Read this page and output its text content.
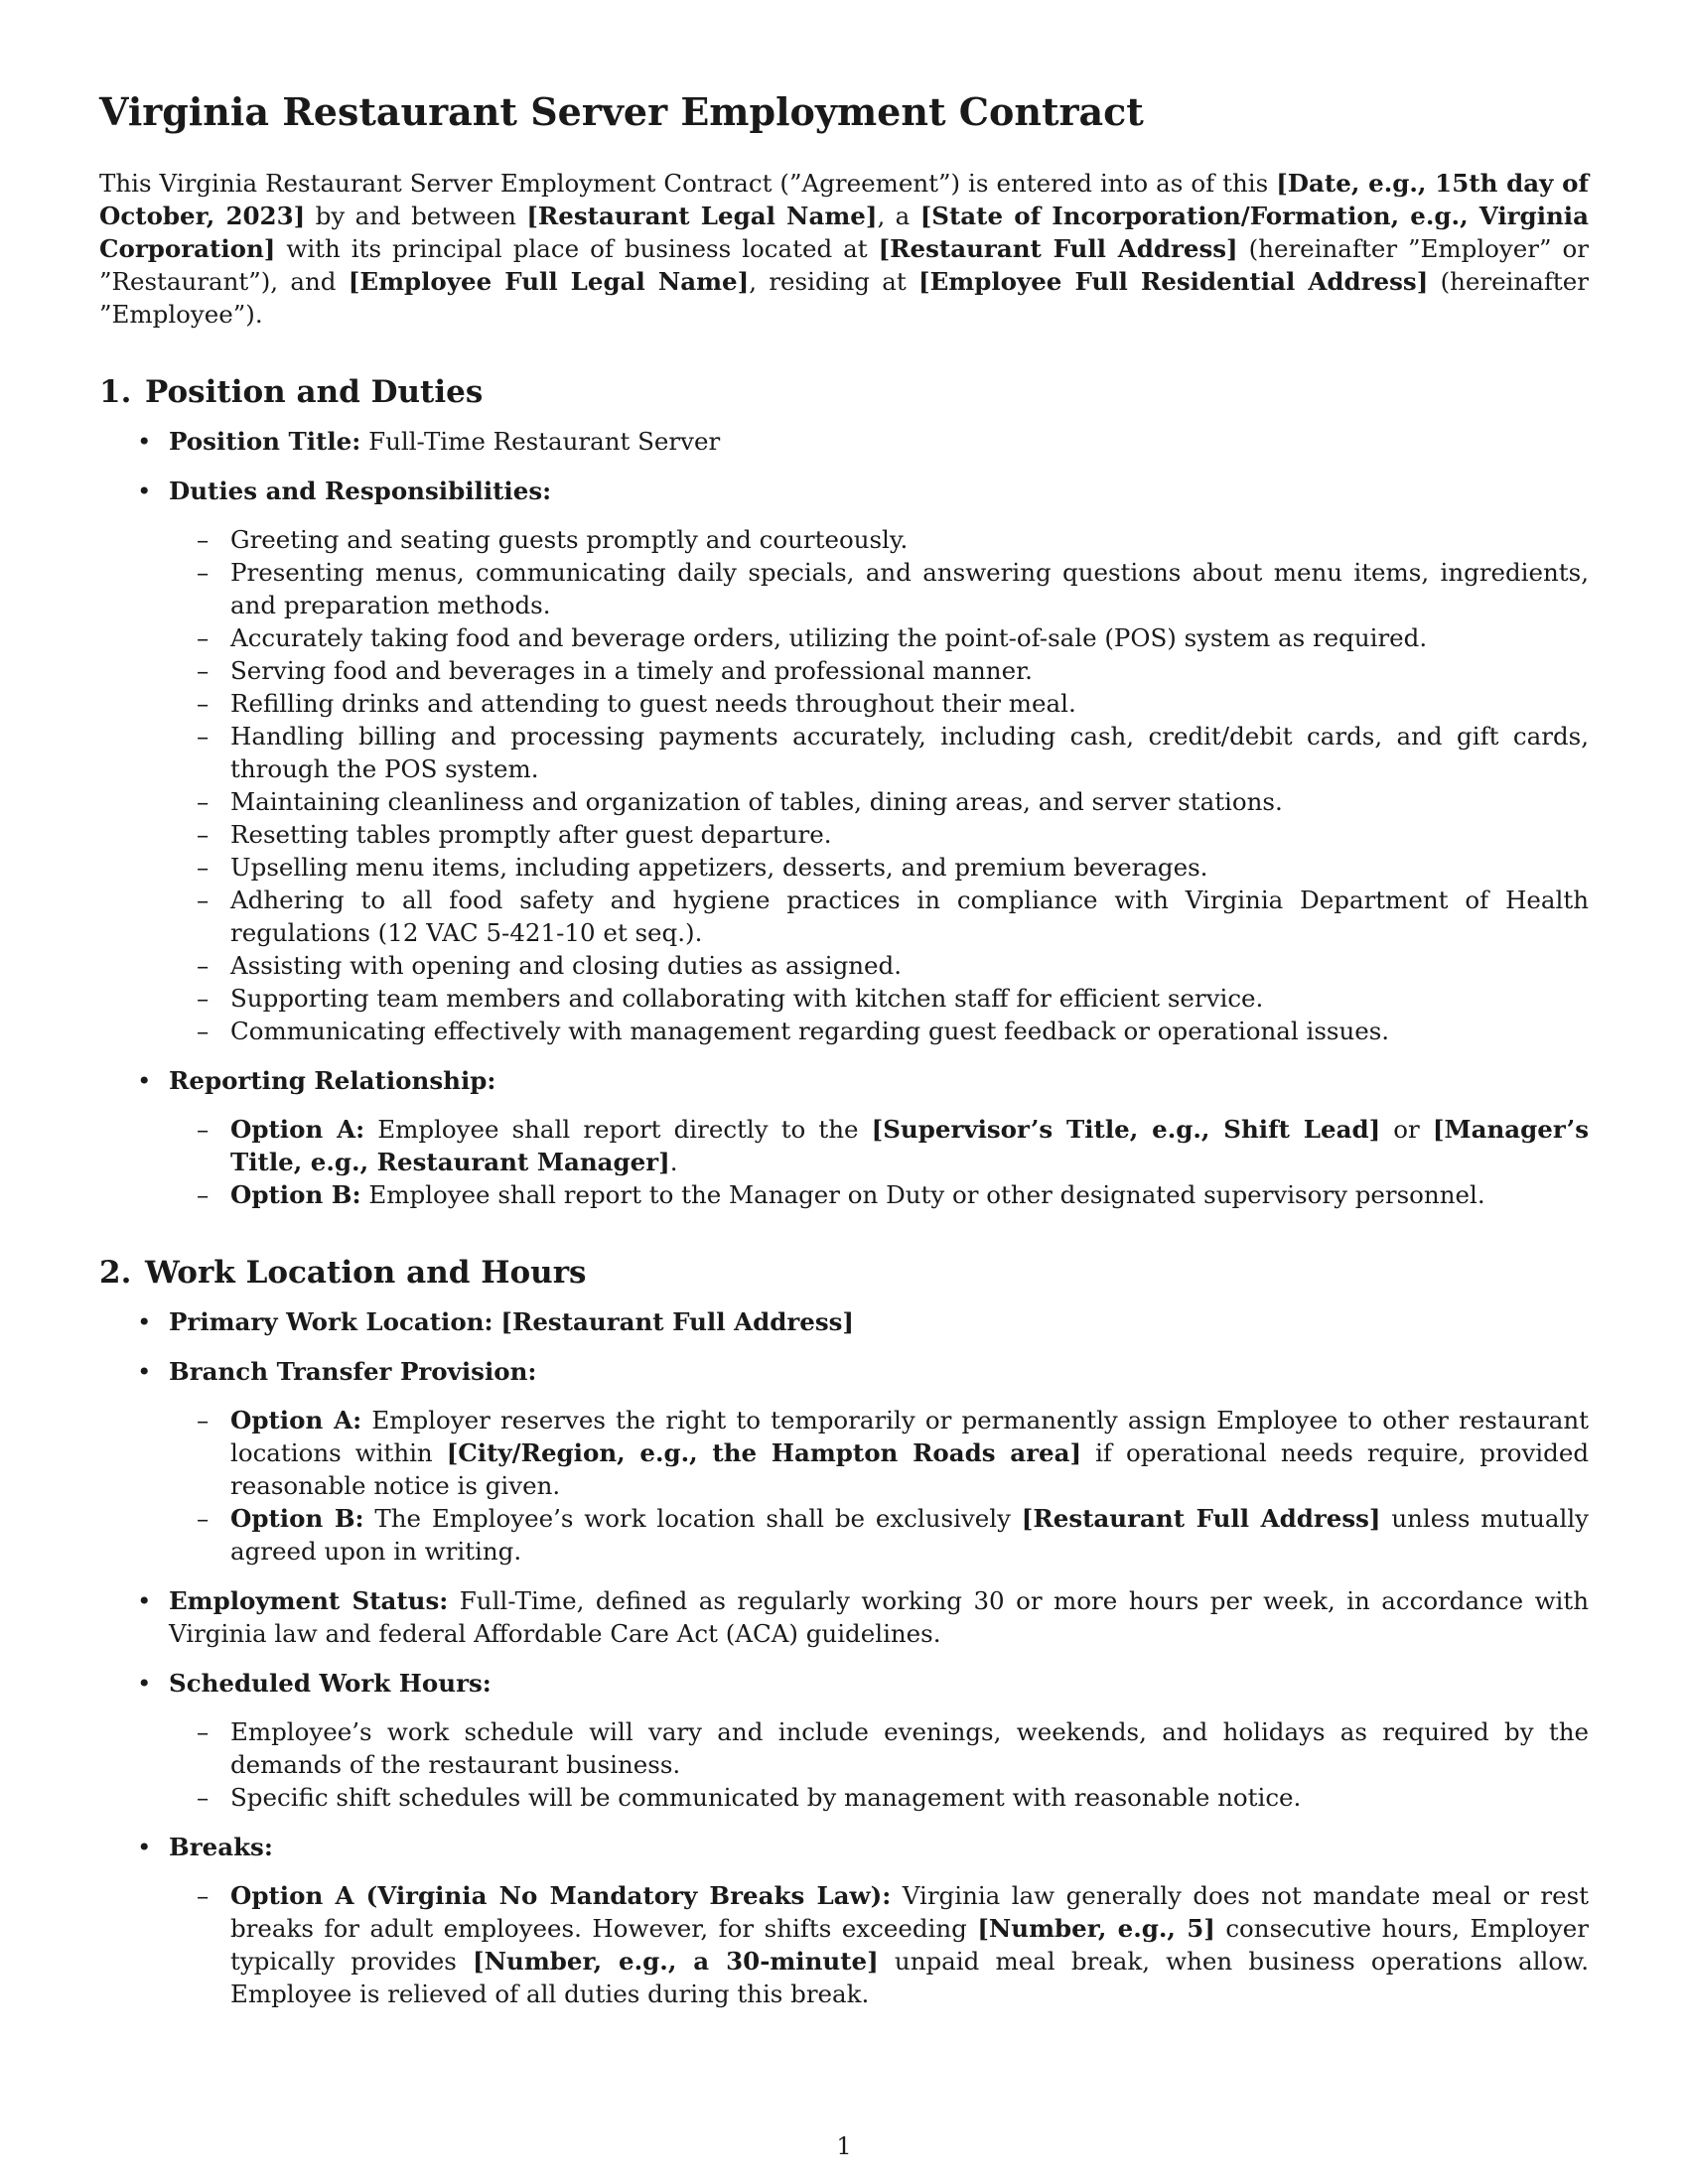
Virginia Restaurant Server Employment Contract

This Virginia Restaurant Server Employment Contract (”Agreement”) is entered into as of this [Date, e.g., 15th day of October, 2023] by and between [Restaurant Legal Name], a [State of Incorporation/Formation, e.g., Virginia Corporation] with its principal place of business located at [Restaurant Full Address] (hereinafter ”Employer” or ”Restaurant”), and [Employee Full Legal Name], residing at [Employee Full Residential Address] (hereinafter ”Employee”).

1. Position and Duties
• Position Title: Full-Time Restaurant Server
• Duties and Responsibilities:
– Greeting and seating guests promptly and courteously.
– Presenting menus, communicating daily specials, and answering questions about menu items, ingredients, and preparation methods.
– Accurately taking food and beverage orders, utilizing the point-of-sale (POS) system as required.
– Serving food and beverages in a timely and professional manner.
– Refilling drinks and attending to guest needs throughout their meal.
– Handling billing and processing payments accurately, including cash, credit/debit cards, and gift cards, through the POS system.
– Maintaining cleanliness and organization of tables, dining areas, and server stations.
– Resetting tables promptly after guest departure.
– Upselling menu items, including appetizers, desserts, and premium beverages.
– Adhering to all food safety and hygiene practices in compliance with Virginia Department of Health regulations (12 VAC 5-421-10 et seq.).
– Assisting with opening and closing duties as assigned.
– Supporting team members and collaborating with kitchen staff for efficient service.
– Communicating effectively with management regarding guest feedback or operational issues.
• Reporting Relationship:
– Option A: Employee shall report directly to the [Supervisor’s Title, e.g., Shift Lead] or [Manager’s Title, e.g., Restaurant Manager].
– Option B: Employee shall report to the Manager on Duty or other designated supervisory personnel.
2. Work Location and Hours
• Primary Work Location: [Restaurant Full Address]
• Branch Transfer Provision:
– Option A: Employer reserves the right to temporarily or permanently assign Employee to other restaurant locations within [City/Region, e.g., the Hampton Roads area] if operational needs require, provided reasonable notice is given.
– Option B: The Employee’s work location shall be exclusively [Restaurant Full Address] unless mutually agreed upon in writing.
• Employment Status: Full-Time, defined as regularly working 30 or more hours per week, in accordance with Virginia law and federal Affordable Care Act (ACA) guidelines.
• Scheduled Work Hours:
– Employee’s work schedule will vary and include evenings, weekends, and holidays as required by the demands of the restaurant business.
– Specific shift schedules will be communicated by management with reasonable notice.
• Breaks:
– Option A (Virginia No Mandatory Breaks Law): Virginia law generally does not mandate meal or rest breaks for adult employees. However, for shifts exceeding [Number, e.g., 5] consecutive hours, Employer typically provides [Number, e.g., a 30-minute] unpaid meal break, when business operations allow. Employee is relieved of all duties during this break.
1
